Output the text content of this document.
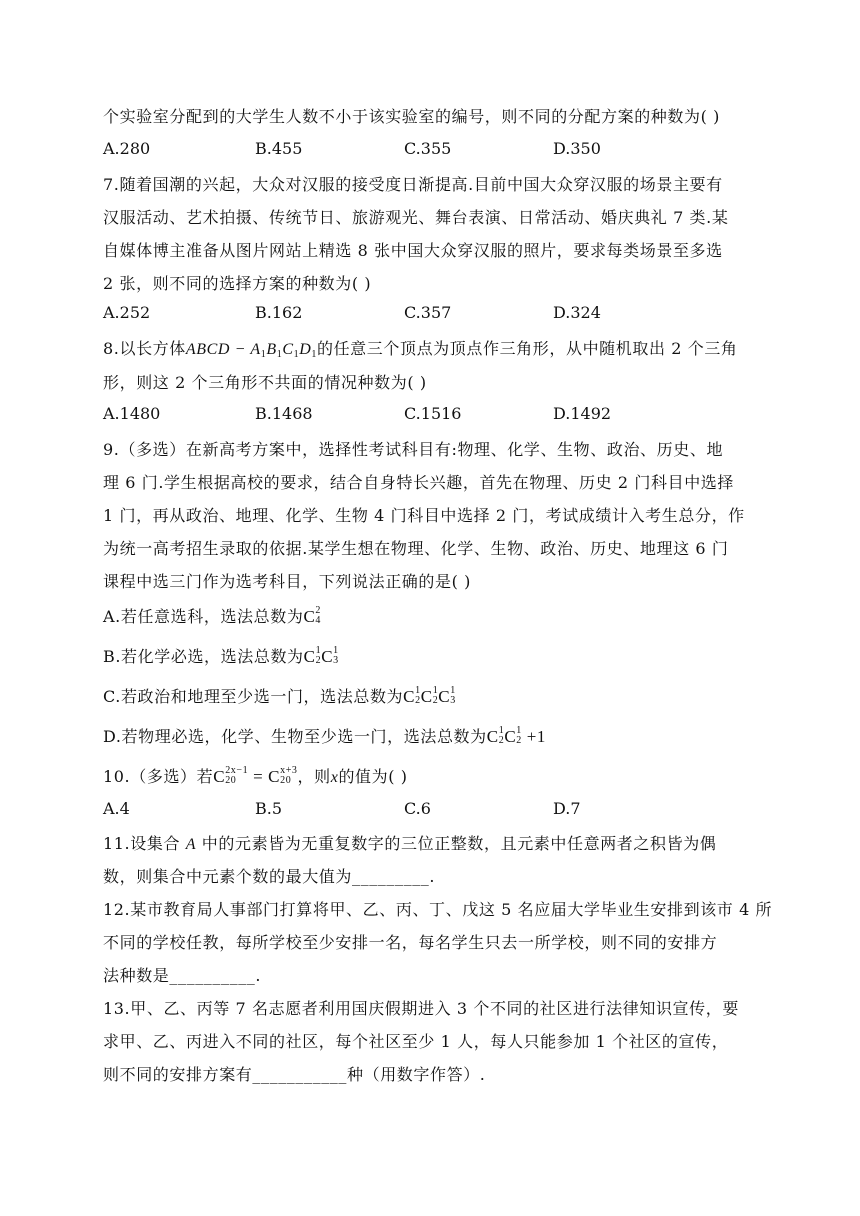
个实验室分配到的大学生人数不小于该实验室的编号，则不同的分配方案的种数为( )
A.280	B.455	C.355	D.350
7.随着国潮的兴起，大众对汉服的接受度日渐提高.目前中国大众穿汉服的场景主要有
汉服活动、艺术拍摄、传统节日、旅游观光、舞台表演、日常活动、婚庆典礼 7 类.某
自媒体博主准备从图片网站上精选 8 张中国大众穿汉服的照片，要求每类场景至多选
2 张，则不同的选择方案的种数为( )
A.252	B.162	C.357	D.324
8.以长方体ABCD − $A_1B_1C_1D_1$的任意三个顶点为顶点作三角形，从中随机取出 2 个三角
形，则这 2 个三角形不共面的情况种数为( )
A.1480	B.1468	C.1516	D.1492
9.（多选）在新高考方案中，选择性考试科目有:物理、化学、生物、政治、历史、地
理 6 门.学生根据高校的要求，结合自身特长兴趣，首先在物理、历史 2 门科目中选择
1 门，再从政治、地理、化学、生物 4 门科目中选择 2 门，考试成绩计入考生总分，作
为统一高考招生录取的依据.某学生想在物理、化学、生物、政治、历史、地理这 6 门
课程中选三门作为选考科目，下列说法正确的是( )
A.若任意选科，选法总数为C 2
4
B.若化学必选，选法总数为C 1
2 C 1
3
C.若政治和地理至少选一门，选法总数为C 1
2 C 1
2 C 1
3
D.若物理必选，化学、生物至少选一门，选法总数为C 1
2 C 1
2 +1
10.（多选）若C 2x−1
20 = C x+3
20 ，则x的值为( )
A.4	B.5	C.6	D.7
11.设集合 A 中的元素皆为无重复数字的三位正整数，且元素中任意两者之积皆为偶
数，则集合中元素个数的最大值为_________.
12.某市教育局人事部门打算将甲、乙、丙、丁、戊这 5 名应届大学毕业生安排到该市 4 所
不同的学校任教，每所学校至少安排一名，每名学生只去一所学校，则不同的安排方
法种数是__________.
13.甲、乙、丙等 7 名志愿者利用国庆假期进入 3 个不同的社区进行法律知识宣传，要
求甲、乙、丙进入不同的社区，每个社区至少 1 人，每人只能参加 1 个社区的宣传，
则不同的安排方案有___________种（用数字作答）.
